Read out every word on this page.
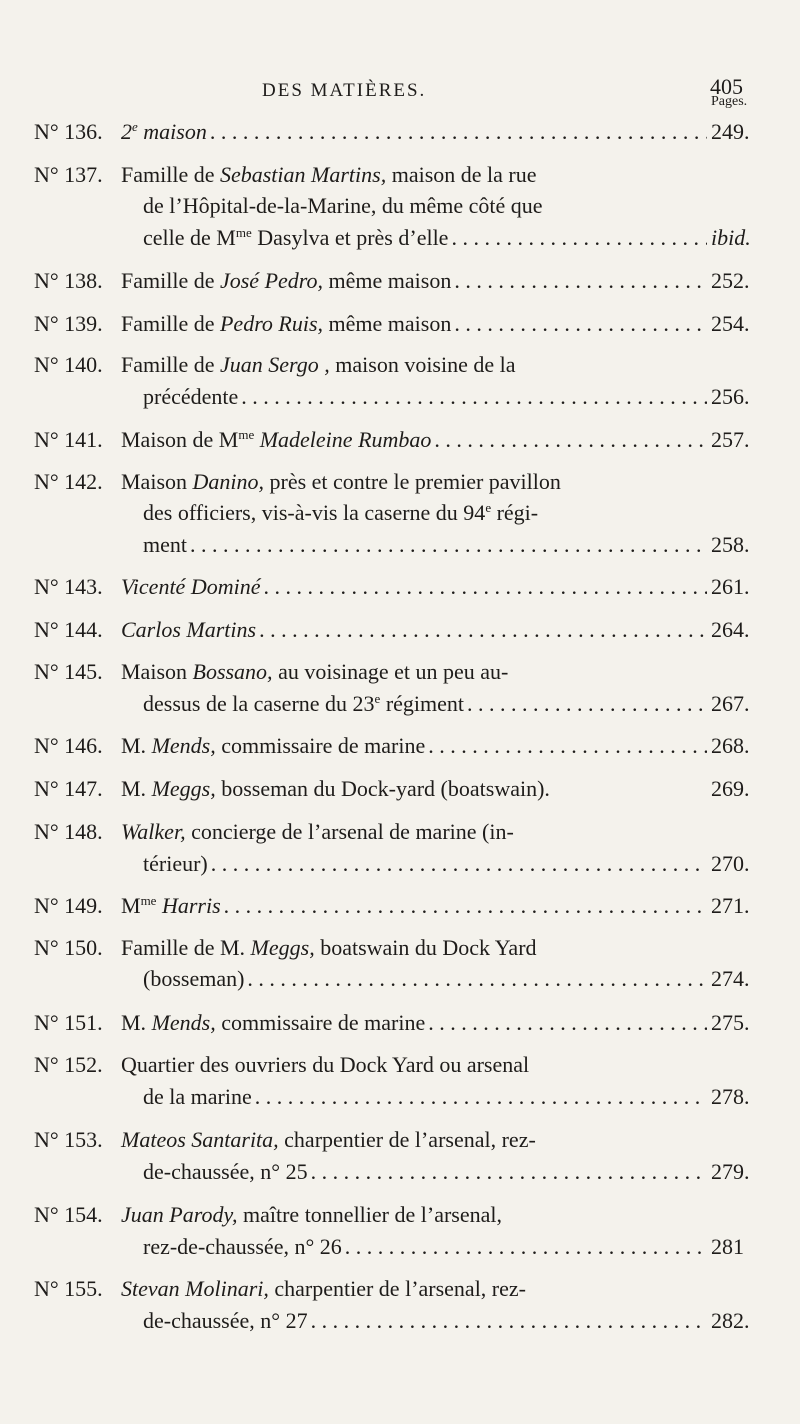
DES MATIÈRES.	405
Pages.
N° 136. 2e maison . . .	249.
N° 137. Famille de Sebastian Martins, maison de la rue
de l’Hôpital-de-la-Marine, du même côté que
celle de $M^{me}$ Dasylva et près d’elle . . .	ibid.
N° 138. Famille de José Pedro, même maison . . .	252.
N° 139. Famille de Pedro Ruis, même maison . . .	254.
N° 140. Famille de Juan Sergo , maison voisine de la
précédente . . .	256.
N° 141. Maison de $M^{me}$ Madeleine Rumbao . . .	257.
N° 142. Maison Danino, près et contre le premier pavillon
des officiers, vis-à-vis la caserne du 94e régi-
ment . . .	258.
N° 143. Vicenté Dominé . . .	261.
N° 144. Carlos Martins . . .	264.
N° 145. Maison Bossano, au voisinage et un peu au-
dessus de la caserne du 23e régiment . . .	267.
N° 146. M. Mends, commissaire de marine . . .	268.
N° 147. M. Meggs, bosseman du Dock-yard (boatswain).	269.
N° 148. Walker, concierge de l’arsenal de marine (in-
térieur) . . .	270.
N° 149. $M^{me}$ Harris . . .	271.
N° 150. Famille de M. Meggs, boatswain du Dock Yard
(bosseman) . . .	274.
N° 151. M. Mends, commissaire de marine . . .	275.
N° 152. Quartier des ouvriers du Dock Yard ou arsenal
de la marine . . .	278.
N° 153. Mateos Santarita, charpentier de l’arsenal, rez-
de-chaussée, n° 25 . . .	279.
N° 154. Juan Parody, maître tonnellier de l’arsenal,
rez-de-chaussée, n° 26 . . .	281
N° 155. Stevan Molinari, charpentier de l’arsenal, rez-
de-chaussée, n° 27 . . .	282.
